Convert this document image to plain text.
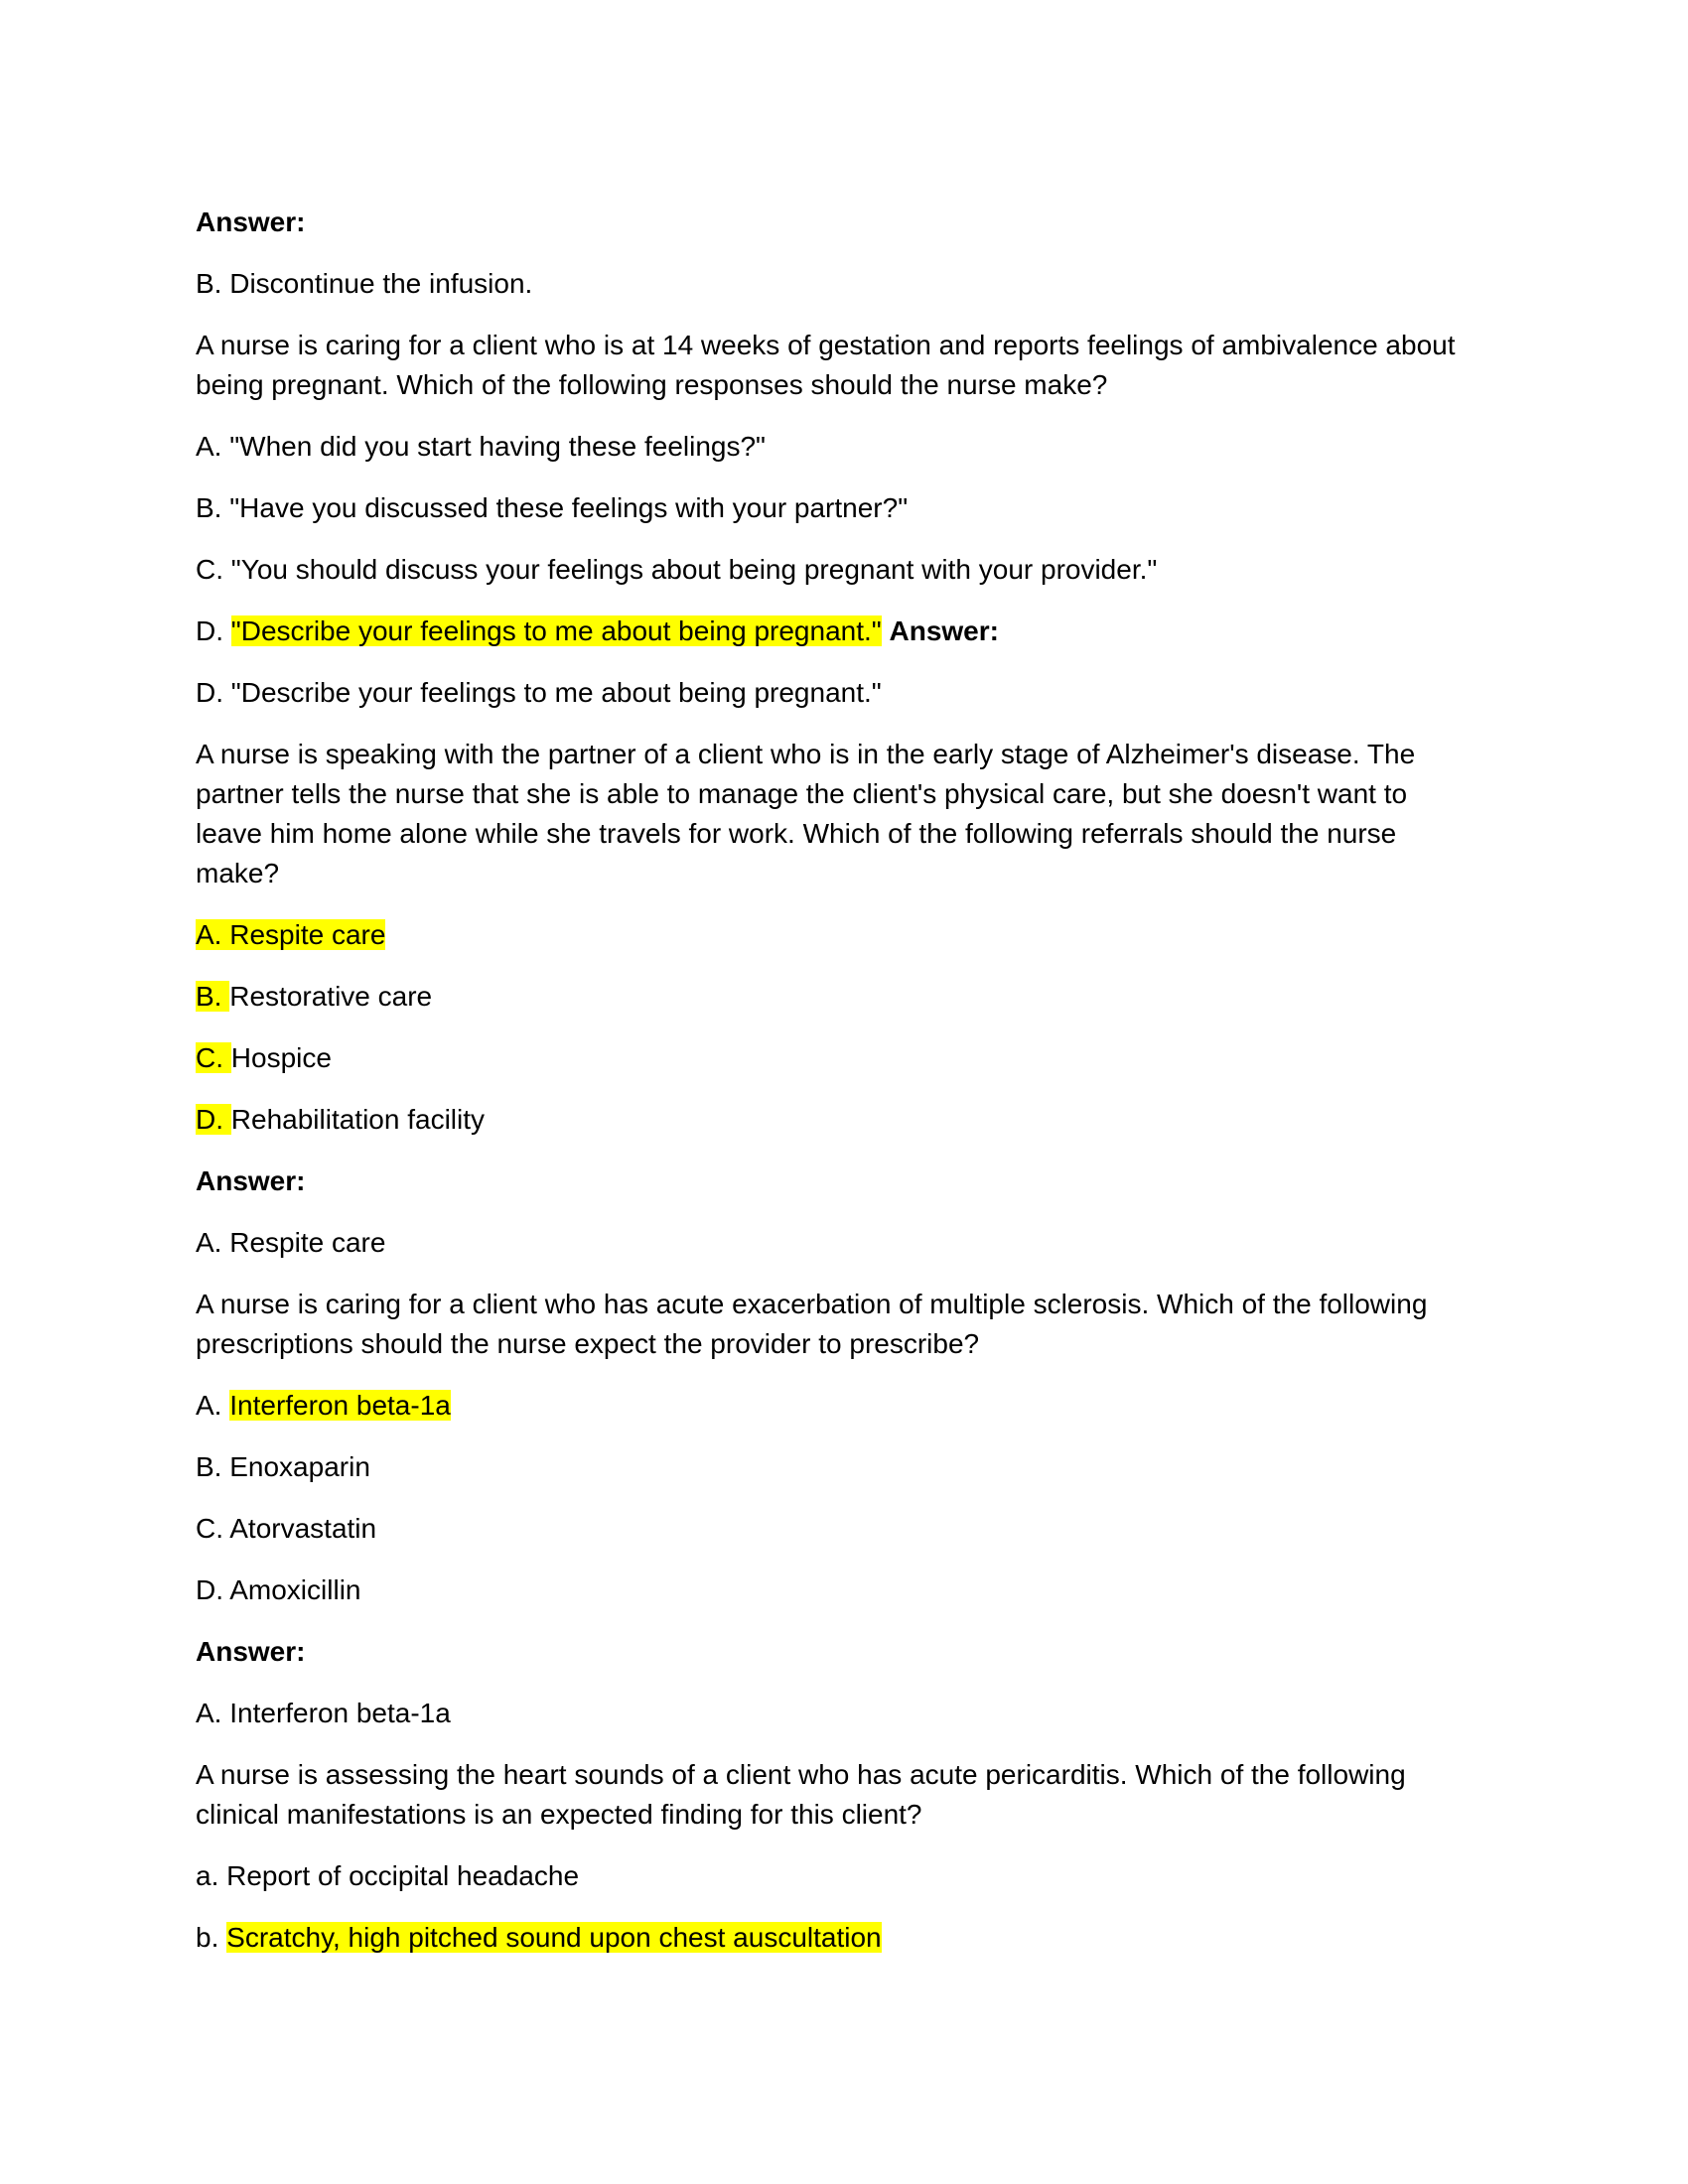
Answer:

B. Discontinue the infusion.

A nurse is caring for a client who is at 14 weeks of gestation and reports feelings of ambivalence about

being pregnant. Which of the following responses should the nurse make?

A. "When did you start having these feelings?"

B. "Have you discussed these feelings with your partner?"

C. "You should discuss your feelings about being pregnant with your provider."

D. "Describe your feelings to me about being pregnant." Answer:

D. "Describe your feelings to me about being pregnant."

A nurse is speaking with the partner of a client who is in the early stage of Alzheimer's disease. The

partner tells the nurse that she is able to manage the client's physical care, but she doesn't want to

leave him home alone while she travels for work. Which of the following referrals should the nurse

make?

A. Respite care

B. Restorative care

C. Hospice

D. Rehabilitation facility

Answer:

A. Respite care

A nurse is caring for a client who has acute exacerbation of multiple sclerosis. Which of the following

prescriptions should the nurse expect the provider to prescribe?

A. Interferon beta-1a

B. Enoxaparin

C. Atorvastatin

D. Amoxicillin

Answer:

A. Interferon beta-1a

A nurse is assessing the heart sounds of a client who has acute pericarditis. Which of the following

clinical manifestations is an expected finding for this client?

a. Report of occipital headache

b. Scratchy, high pitched sound upon chest auscultation
